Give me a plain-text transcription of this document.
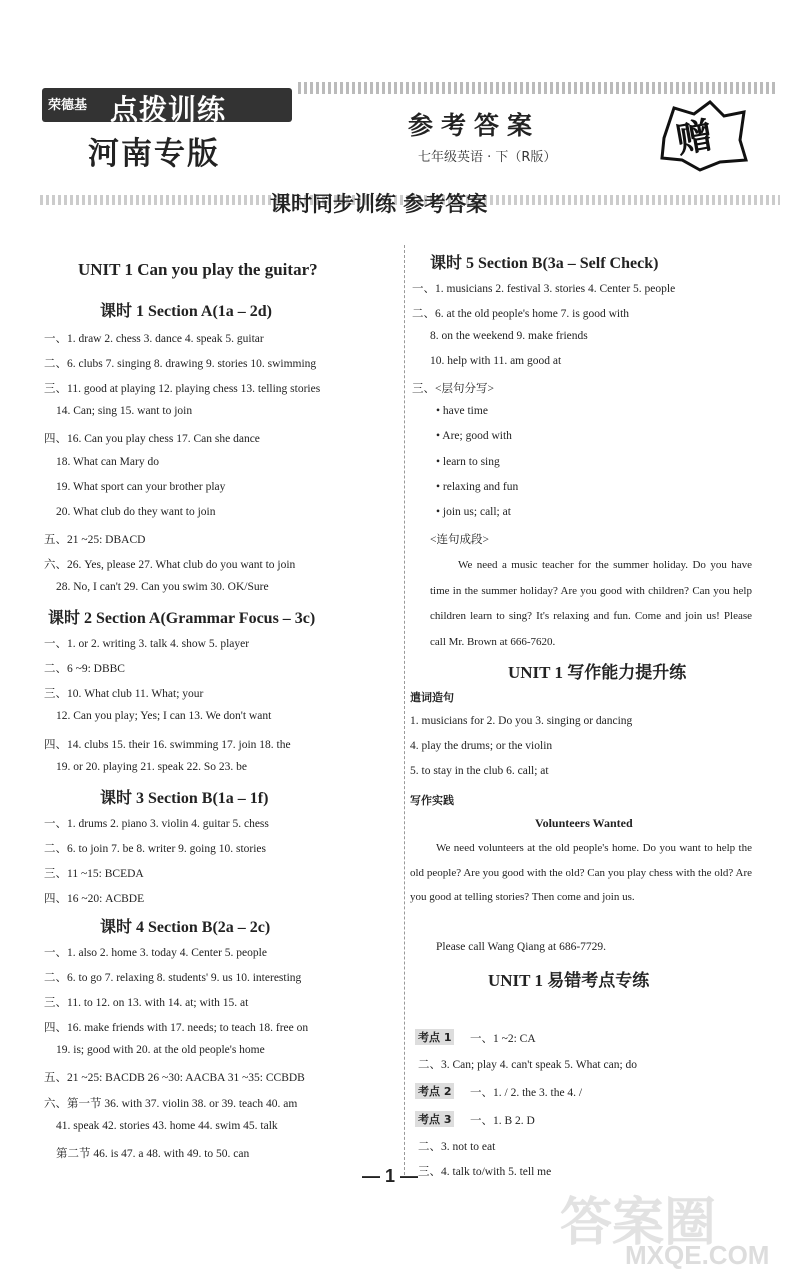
荣德基 点拨训练
河南专版
参考答案
七年级英语 · 下（R版）	赠
课时同步训练 参考答案
UNIT 1 Can you play the guitar?
课时 1 Section A(1a – 2d)
一、1. draw 2. chess 3. dance 4. speak 5. guitar
二、6. clubs 7. singing 8. drawing 9. stories 10. swimming
三、11. good at playing 12. playing chess 13. telling stories
14. Can; sing 15. want to join
四、16. Can you play chess 17. Can she dance
18. What can Mary do
19. What sport can your brother play
20. What club do they want to join
五、21 ~25: DBACD
六、26. Yes, please 27. What club do you want to join
28. No, I can't 29. Can you swim 30. OK/Sure
课时 2 Section A(Grammar Focus – 3c)
一、1. or 2. writing 3. talk 4. show 5. player
二、6 ~9: DBBC
三、10. What club 11. What; your
12. Can you play; Yes; I can 13. We don't want
四、14. clubs 15. their 16. swimming 17. join 18. the
19. or 20. playing 21. speak 22. So 23. be
课时 3 Section B(1a – 1f)
一、1. drums 2. piano 3. violin 4. guitar 5. chess
二、6. to join 7. be 8. writer 9. going 10. stories
三、11 ~15: BCEDA
四、16 ~20: ACBDE
课时 4 Section B(2a – 2c)
一、1. also 2. home 3. today 4. Center 5. people
二、6. to go 7. relaxing 8. students' 9. us 10. interesting
三、11. to 12. on 13. with 14. at; with 15. at
四、16. make friends with 17. needs; to teach 18. free on
19. is; good with 20. at the old people's home
五、21 ~25: BACDB 26 ~30: AACBA 31 ~35: CCBDB
六、第一节 36. with 37. violin 38. or 39. teach 40. am
41. speak 42. stories 43. home 44. swim 45. talk
第二节 46. is 47. a 48. with 49. to 50. can
课时 5 Section B(3a – Self Check)
一、1. musicians 2. festival 3. stories 4. Center 5. people
二、6. at the old people's home 7. is good with
8. on the weekend 9. make friends
10. help with 11. am good at
三、<层句分写>
• have time
• Are; good with
• learn to sing
• relaxing and fun
• join us; call; at
<连句成段>
We need a music teacher for the summer holiday. Do you have time in the summer holiday? Are you good with children? Can you help children learn to sing? It's relaxing and fun. Come and join us! Please call Mr. Brown at 666-7620.
UNIT 1 写作能力提升练
遣词造句
1. musicians for 2. Do you 3. singing or dancing
4. play the drums; or the violin
5. to stay in the club 6. call; at
写作实践
Volunteers Wanted
We need volunteers at the old people's home. Do you want to help the old people? Are you good with the old? Can you play chess with the old? Are you good at telling stories? Then come and join us.
Please call Wang Qiang at 686-7729.
UNIT 1 易错考点专练
考点 1 一、1 ~2: CA
二、3. Can; play 4. can't speak 5. What can; do
考点 2 一、1. / 2. the 3. the 4. /
考点 3 一、1. B 2. D
二、3. not to eat
三、4. talk to/with 5. tell me
— 1 —
答案圈
MXQE.COM
